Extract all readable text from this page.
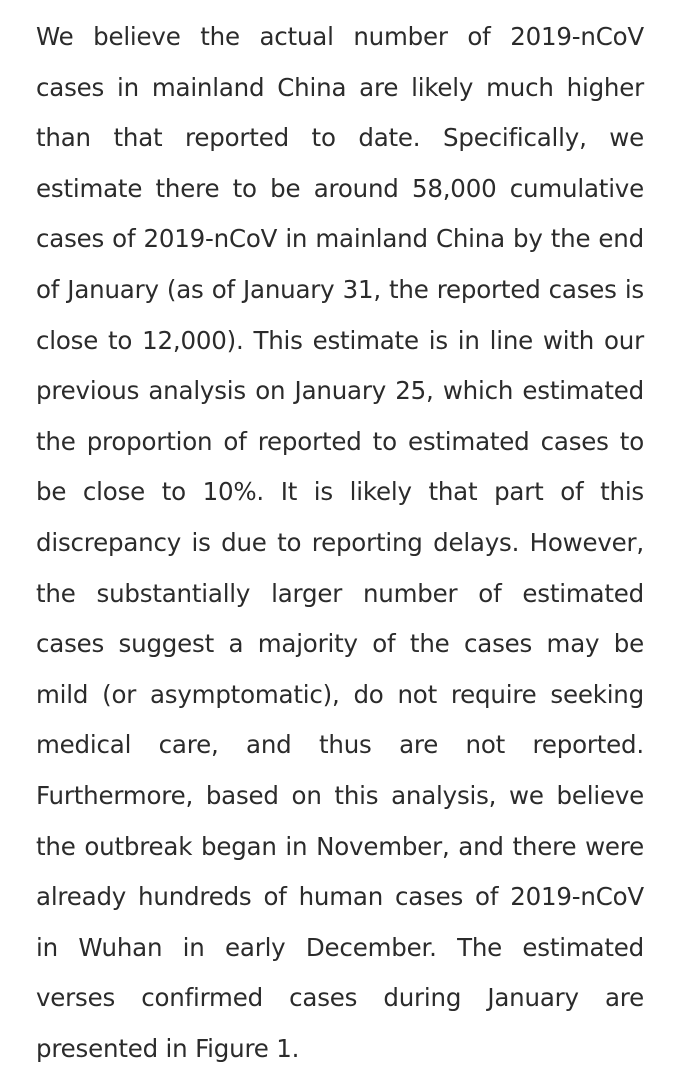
We believe the actual number of 2019-nCoV cases in mainland China are likely much higher than that reported to date. Specifically, we estimate there to be around 58,000 cumulative cases of 2019-nCoV in mainland China by the end of January (as of January 31, the reported cases is close to 12,000). This estimate is in line with our previous analysis on January 25, which estimated the proportion of reported to estimated cases to be close to 10%. It is likely that part of this discrepancy is due to reporting delays. However, the substantially larger number of estimated cases suggest a majority of the cases may be mild (or asymptomatic), do not require seeking medical care, and thus are not reported. Furthermore, based on this analysis, we believe the outbreak began in November, and there were already hundreds of human cases of 2019-nCoV in Wuhan in early December. The estimated verses confirmed cases during January are presented in Figure 1.
